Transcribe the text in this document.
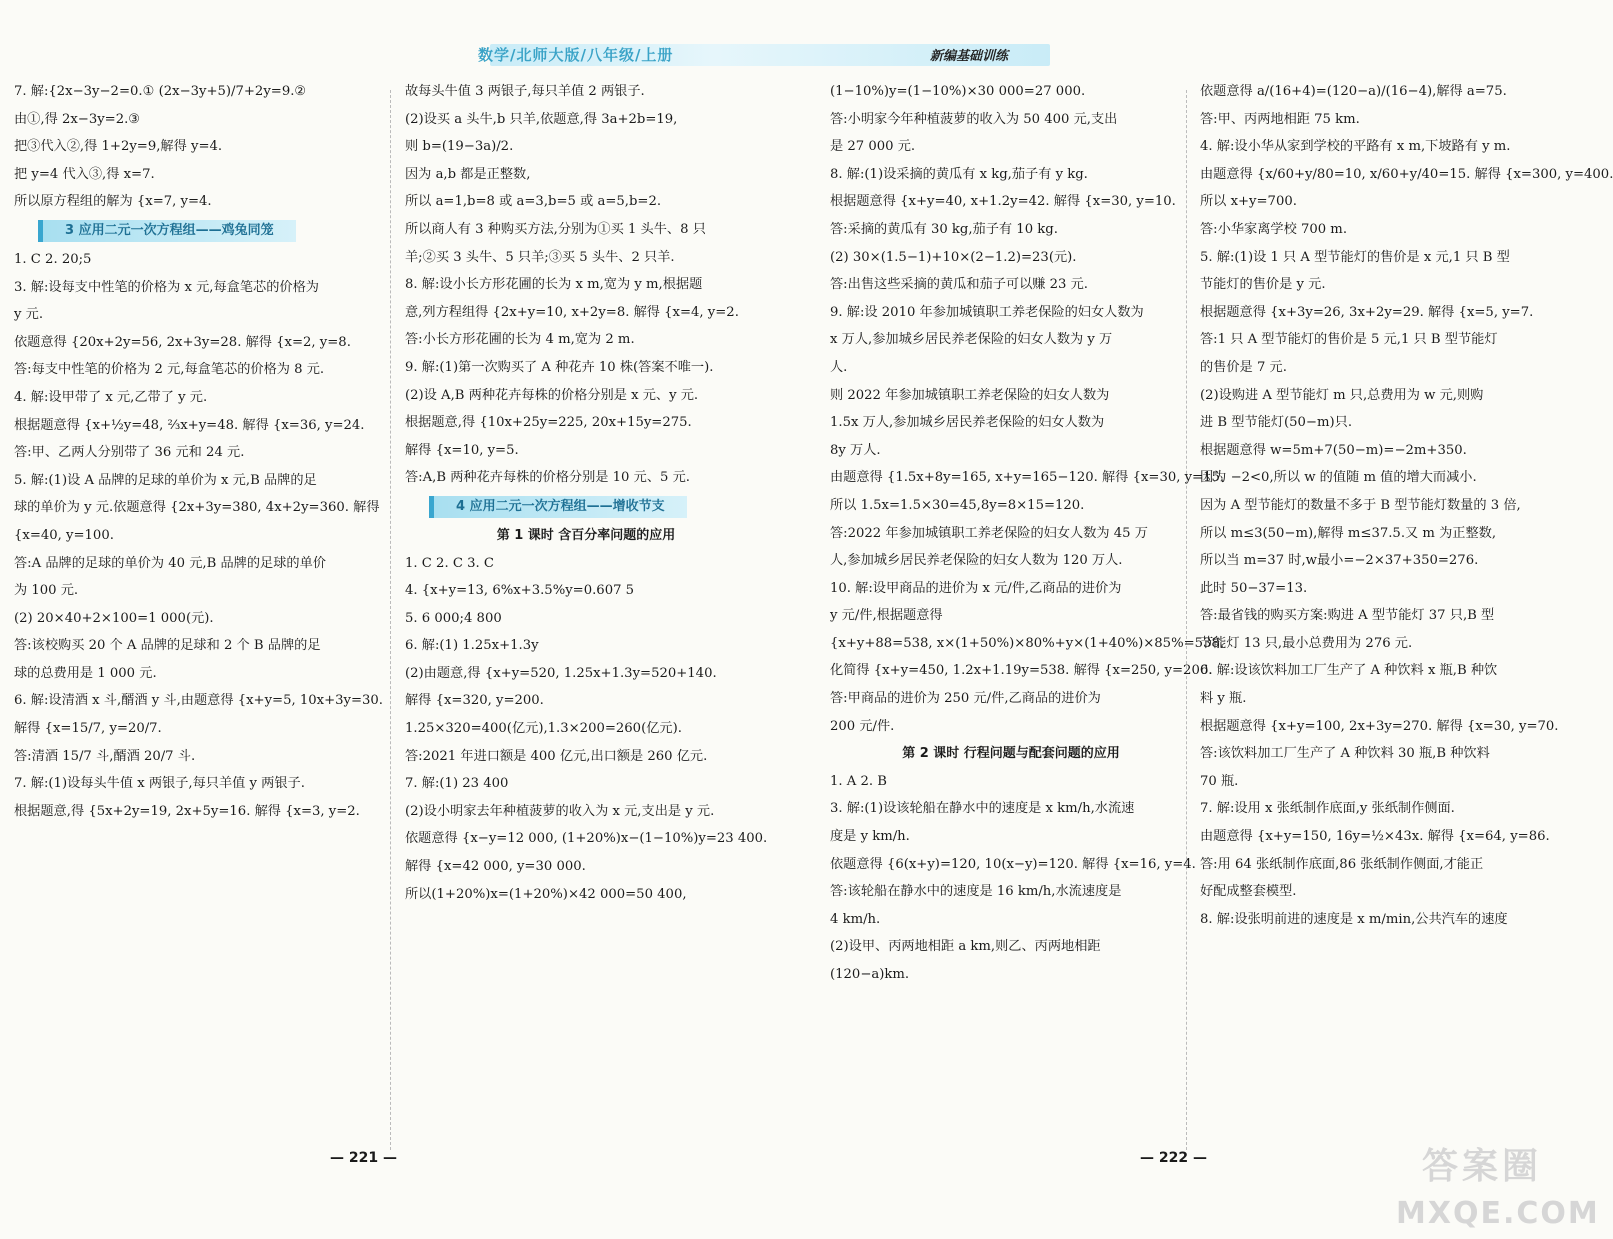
数学/北师大版/八年级/上册	新编基础训练

7. 解:{2x−3y−2=0.① (2x−3y+5)/7+2y=9.②

由①,得 2x−3y=2.③

把③代入②,得 1+2y=9,解得 y=4.

把 y=4 代入③,得 x=7.

所以原方程组的解为 {x=7, y=4.

3 应用二元一次方程组——鸡兔同笼

1. C 2. 20;5

3. 解:设每支中性笔的价格为 x 元,每盒笔芯的价格为

y 元.

依题意得 {20x+2y=56, 2x+3y=28. 解得 {x=2, y=8.

答:每支中性笔的价格为 2 元,每盒笔芯的价格为 8 元.

4. 解:设甲带了 x 元,乙带了 y 元.

根据题意得 {x+½y=48, ⅔x+y=48. 解得 {x=36, y=24.

答:甲、乙两人分别带了 36 元和 24 元.

5. 解:(1)设 A 品牌的足球的单价为 x 元,B 品牌的足

球的单价为 y 元.依题意得 {2x+3y=380, 4x+2y=360. 解得

{x=40, y=100.

答:A 品牌的足球的单价为 40 元,B 品牌的足球的单价

为 100 元.

(2) 20×40+2×100=1 000(元).

答:该校购买 20 个 A 品牌的足球和 2 个 B 品牌的足

球的总费用是 1 000 元.

6. 解:设清酒 x 斗,醑酒 y 斗,由题意得 {x+y=5, 10x+3y=30.

解得 {x=15/7, y=20/7.

答:清酒 15/7 斗,醑酒 20/7 斗.

7. 解:(1)设每头牛值 x 两银子,每只羊值 y 两银子.

根据题意,得 {5x+2y=19, 2x+5y=16. 解得 {x=3, y=2.

故每头牛值 3 两银子,每只羊值 2 两银子.

(2)设买 a 头牛,b 只羊,依题意,得 3a+2b=19,

则 b=(19−3a)/2.

因为 a,b 都是正整数,

所以 a=1,b=8 或 a=3,b=5 或 a=5,b=2.

所以商人有 3 种购买方法,分别为①买 1 头牛、8 只

羊;②买 3 头牛、5 只羊;③买 5 头牛、2 只羊.

8. 解:设小长方形花圃的长为 x m,宽为 y m,根据题

意,列方程组得 {2x+y=10, x+2y=8. 解得 {x=4, y=2.

答:小长方形花圃的长为 4 m,宽为 2 m.

9. 解:(1)第一次购买了 A 种花卉 10 株(答案不唯一).

(2)设 A,B 两种花卉每株的价格分别是 x 元、y 元.

根据题意,得 {10x+25y=225, 20x+15y=275.

解得 {x=10, y=5.

答:A,B 两种花卉每株的价格分别是 10 元、5 元.

4 应用二元一次方程组——增收节支

第 1 课时 含百分率问题的应用

1. C 2. C 3. C

4. {x+y=13, 6%x+3.5%y=0.607 5

5. 6 000;4 800

6. 解:(1) 1.25x+1.3y

(2)由题意,得 {x+y=520, 1.25x+1.3y=520+140.

解得 {x=320, y=200.

1.25×320=400(亿元),1.3×200=260(亿元).

答:2021 年进口额是 400 亿元,出口额是 260 亿元.

7. 解:(1) 23 400

(2)设小明家去年种植菠萝的收入为 x 元,支出是 y 元.

依题意得 {x−y=12 000, (1+20%)x−(1−10%)y=23 400.

解得 {x=42 000, y=30 000.

所以(1+20%)x=(1+20%)×42 000=50 400,

(1−10%)y=(1−10%)×30 000=27 000.

答:小明家今年种植菠萝的收入为 50 400 元,支出

是 27 000 元.

8. 解:(1)设采摘的黄瓜有 x kg,茄子有 y kg.

根据题意得 {x+y=40, x+1.2y=42. 解得 {x=30, y=10.

答:采摘的黄瓜有 30 kg,茄子有 10 kg.

(2) 30×(1.5−1)+10×(2−1.2)=23(元).

答:出售这些采摘的黄瓜和茄子可以赚 23 元.

9. 解:设 2010 年参加城镇职工养老保险的妇女人数为

x 万人,参加城乡居民养老保险的妇女人数为 y 万

人.

则 2022 年参加城镇职工养老保险的妇女人数为

1.5x 万人,参加城乡居民养老保险的妇女人数为

8y 万人.

由题意得 {1.5x+8y=165, x+y=165−120. 解得 {x=30, y=15.

所以 1.5x=1.5×30=45,8y=8×15=120.

答:2022 年参加城镇职工养老保险的妇女人数为 45 万

人,参加城乡居民养老保险的妇女人数为 120 万人.

10. 解:设甲商品的进价为 x 元/件,乙商品的进价为

y 元/件,根据题意得

{x+y+88=538, x×(1+50%)×80%+y×(1+40%)×85%=538.

化简得 {x+y=450, 1.2x+1.19y=538. 解得 {x=250, y=200.

答:甲商品的进价为 250 元/件,乙商品的进价为

200 元/件.

第 2 课时 行程问题与配套问题的应用

1. A 2. B

3. 解:(1)设该轮船在静水中的速度是 x km/h,水流速

度是 y km/h.

依题意得 {6(x+y)=120, 10(x−y)=120. 解得 {x=16, y=4.

答:该轮船在静水中的速度是 16 km/h,水流速度是

4 km/h.

(2)设甲、丙两地相距 a km,则乙、丙两地相距

(120−a)km.

依题意得 a/(16+4)=(120−a)/(16−4),解得 a=75.

答:甲、丙两地相距 75 km.

4. 解:设小华从家到学校的平路有 x m,下坡路有 y m.

由题意得 {x/60+y/80=10, x/60+y/40=15. 解得 {x=300, y=400.

所以 x+y=700.

答:小华家离学校 700 m.

5. 解:(1)设 1 只 A 型节能灯的售价是 x 元,1 只 B 型

节能灯的售价是 y 元.

根据题意得 {x+3y=26, 3x+2y=29. 解得 {x=5, y=7.

答:1 只 A 型节能灯的售价是 5 元,1 只 B 型节能灯

的售价是 7 元.

(2)设购进 A 型节能灯 m 只,总费用为 w 元,则购

进 B 型节能灯(50−m)只.

根据题意得 w=5m+7(50−m)=−2m+350.

因为 −2<0,所以 w 的值随 m 值的增大而减小.

因为 A 型节能灯的数量不多于 B 型节能灯数量的 3 倍,

所以 m≤3(50−m),解得 m≤37.5.又 m 为正整数,

所以当 m=37 时,w最小=−2×37+350=276.

此时 50−37=13.

答:最省钱的购买方案:购进 A 型节能灯 37 只,B 型

节能灯 13 只,最小总费用为 276 元.

6. 解:设该饮料加工厂生产了 A 种饮料 x 瓶,B 种饮

料 y 瓶.

根据题意得 {x+y=100, 2x+3y=270. 解得 {x=30, y=70.

答:该饮料加工厂生产了 A 种饮料 30 瓶,B 种饮料

70 瓶.

7. 解:设用 x 张纸制作底面,y 张纸制作侧面.

由题意得 {x+y=150, 16y=½×43x. 解得 {x=64, y=86.

答:用 64 张纸制作底面,86 张纸制作侧面,才能正

好配成整套模型.

8. 解:设张明前进的速度是 x m/min,公共汽车的速度

— 221 —	— 222 —	答案圈
MXQE.COM
